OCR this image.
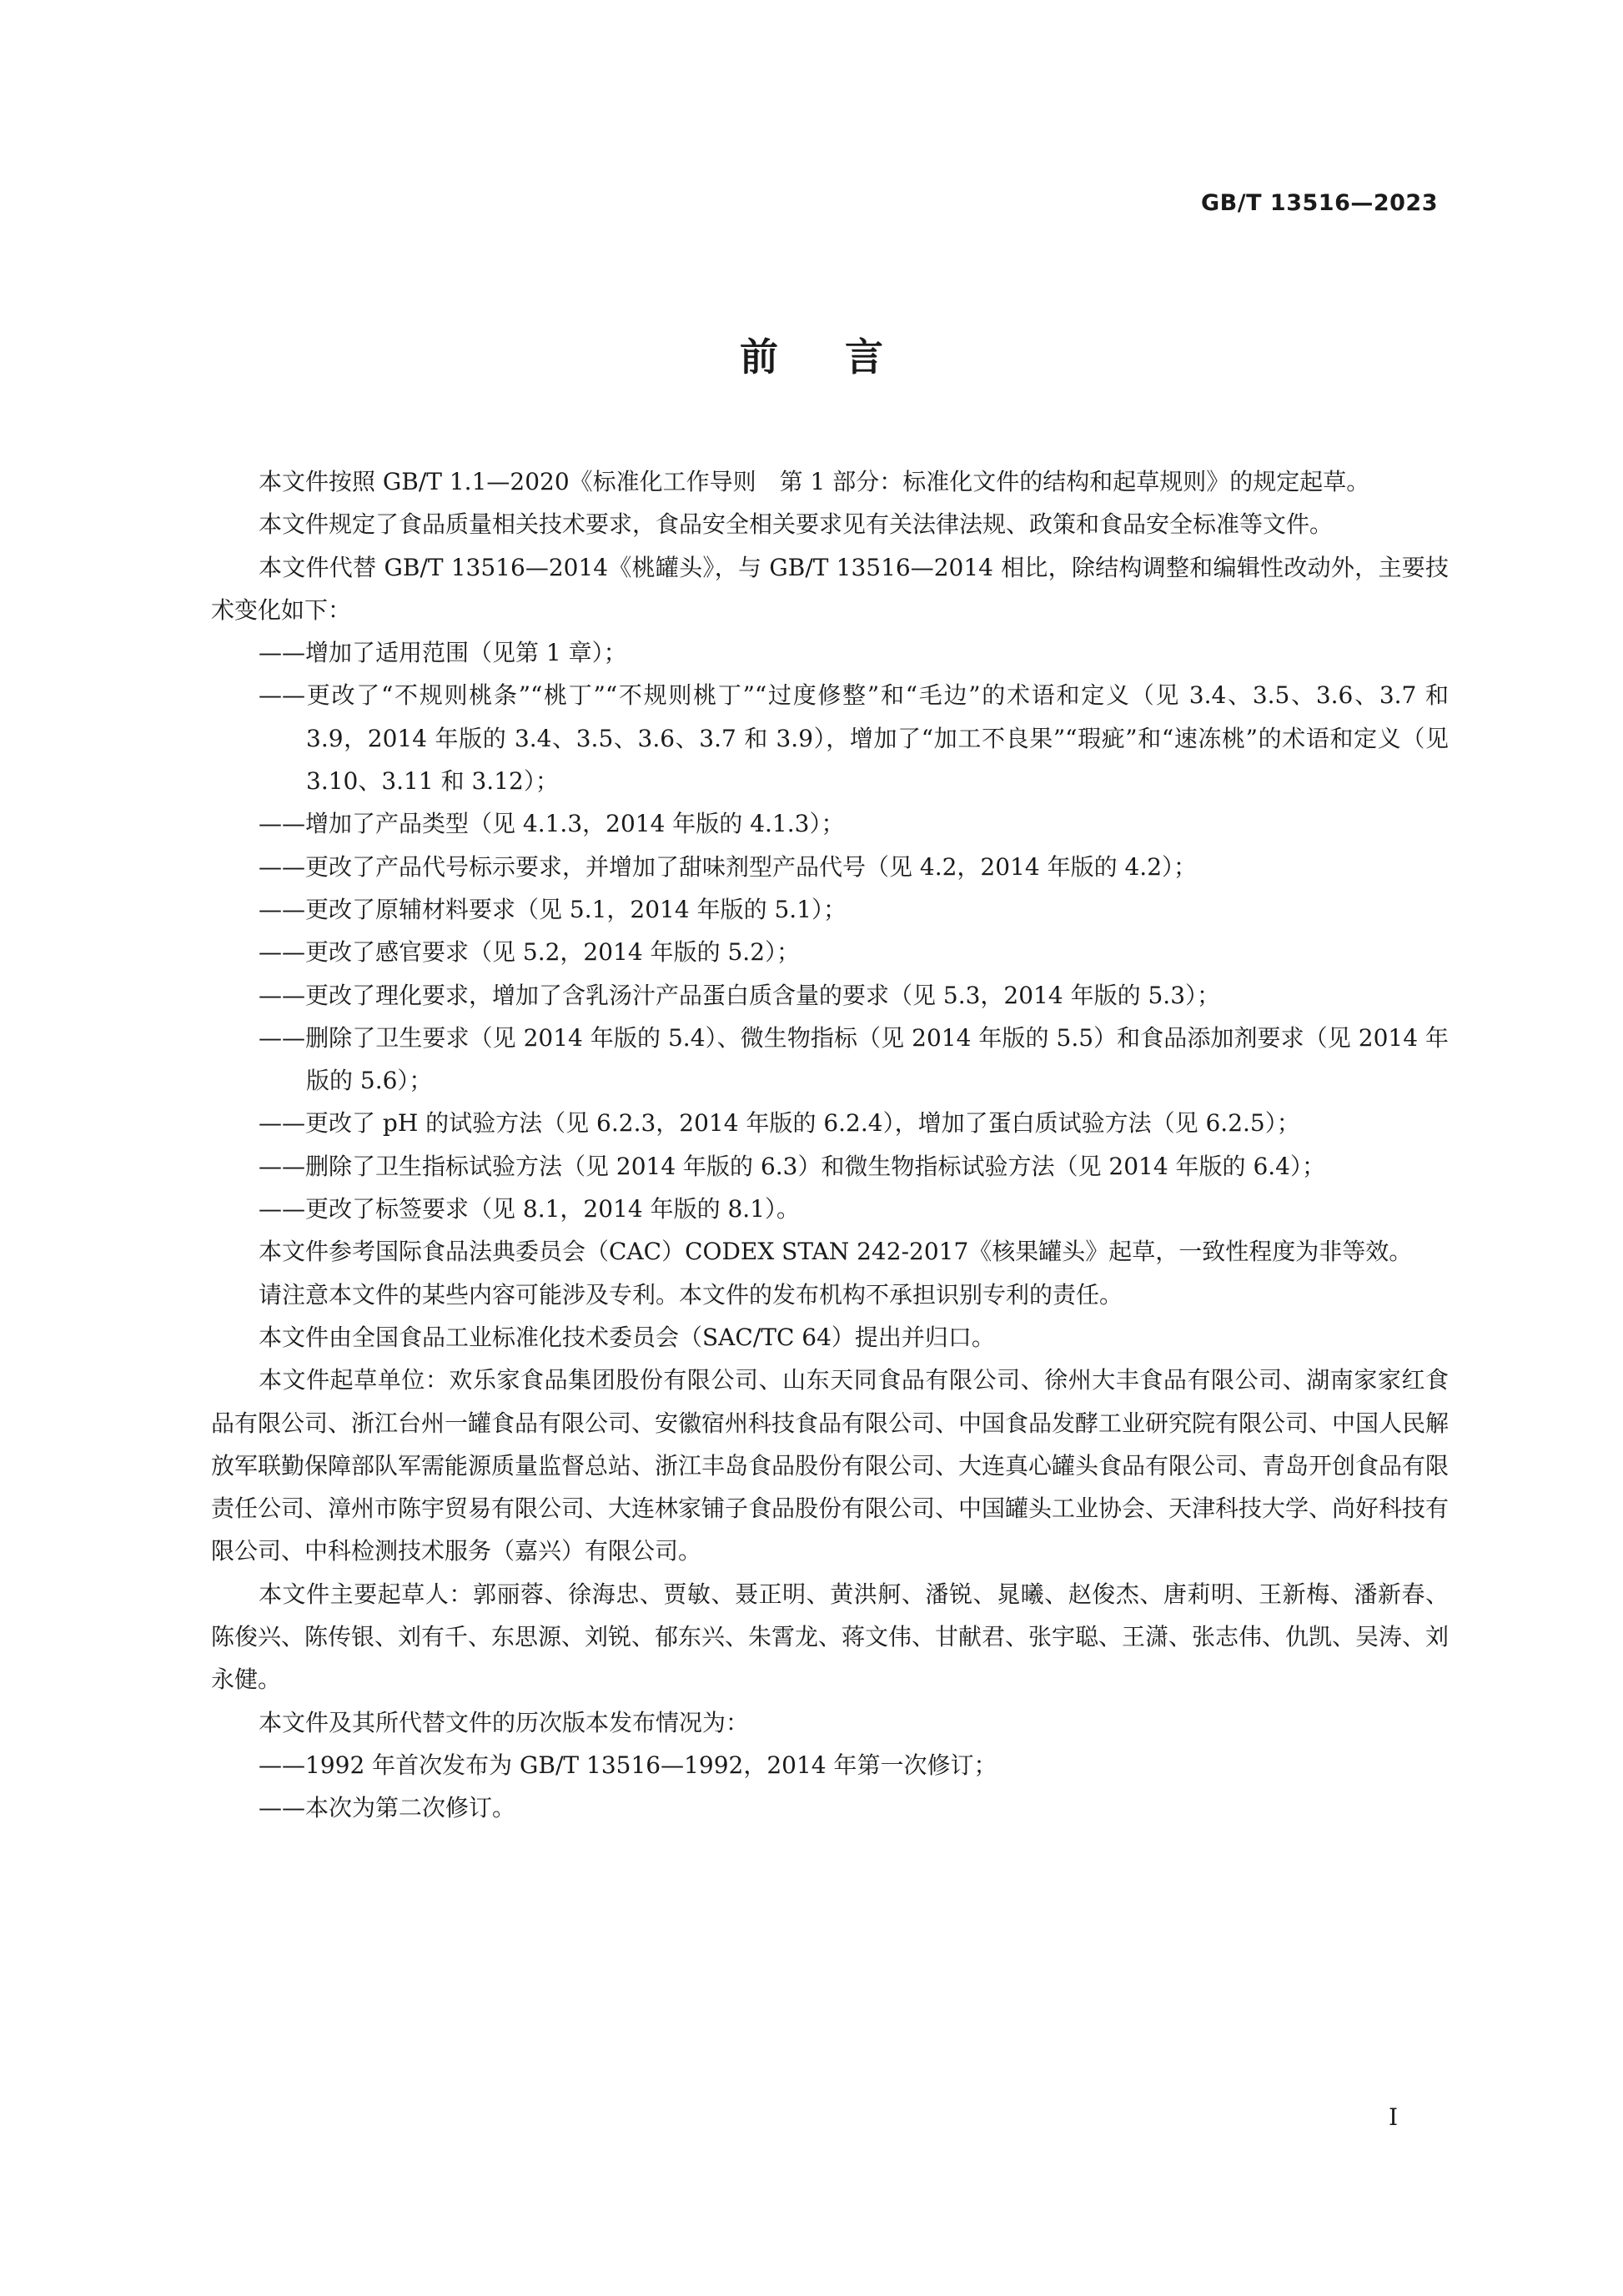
GB/T 13516—2023
前言

本文件按照 GB/T 1.1—2020《标准化工作导则　第 1 部分：标准化文件的结构和起草规则》的规定起草。

本文件规定了食品质量相关技术要求，食品安全相关要求见有关法律法规、政策和食品安全标准等文件。

本文件代替 GB/T 13516—2014《桃罐头》，与 GB/T 13516—2014 相比，除结构调整和编辑性改动外，主要技术变化如下：

——增加了适用范围（见第 1 章）；

——更改了“不规则桃条”“桃丁”“不规则桃丁”“过度修整”和“毛边”的术语和定义（见 3.4、3.5、3.6、3.7 和 3.9，2014 年版的 3.4、3.5、3.6、3.7 和 3.9），增加了“加工不良果”“瑕疵”和“速冻桃”的术语和定义（见 3.10、3.11 和 3.12）；

——增加了产品类型（见 4.1.3，2014 年版的 4.1.3）；

——更改了产品代号标示要求，并增加了甜味剂型产品代号（见 4.2，2014 年版的 4.2）；

——更改了原辅材料要求（见 5.1，2014 年版的 5.1）；

——更改了感官要求（见 5.2，2014 年版的 5.2）；

——更改了理化要求，增加了含乳汤汁产品蛋白质含量的要求（见 5.3，2014 年版的 5.3）；

——删除了卫生要求（见 2014 年版的 5.4）、微生物指标（见 2014 年版的 5.5）和食品添加剂要求（见 2014 年版的 5.6）；

——更改了 pH 的试验方法（见 6.2.3，2014 年版的 6.2.4），增加了蛋白质试验方法（见 6.2.5）；

——删除了卫生指标试验方法（见 2014 年版的 6.3）和微生物指标试验方法（见 2014 年版的 6.4）；

——更改了标签要求（见 8.1，2014 年版的 8.1）。

本文件参考国际食品法典委员会（CAC）CODEX STAN 242-2017《核果罐头》起草，一致性程度为非等效。

请注意本文件的某些内容可能涉及专利。本文件的发布机构不承担识别专利的责任。

本文件由全国食品工业标准化技术委员会（SAC/TC 64）提出并归口。

本文件起草单位：欢乐家食品集团股份有限公司、山东天同食品有限公司、徐州大丰食品有限公司、湖南家家红食品有限公司、浙江台州一罐食品有限公司、安徽宿州科技食品有限公司、中国食品发酵工业研究院有限公司、中国人民解放军联勤保障部队军需能源质量监督总站、浙江丰岛食品股份有限公司、大连真心罐头食品有限公司、青岛开创食品有限责任公司、漳州市陈宇贸易有限公司、大连林家铺子食品股份有限公司、中国罐头工业协会、天津科技大学、尚好科技有限公司、中科检测技术服务（嘉兴）有限公司。

本文件主要起草人：郭丽蓉、徐海忠、贾敏、聂正明、黄洪舸、潘锐、晁曦、赵俊杰、唐莉明、王新梅、潘新春、陈俊兴、陈传银、刘有千、东思源、刘锐、郁东兴、朱霄龙、蒋文伟、甘献君、张宇聪、王潇、张志伟、仇凯、吴涛、刘永健。

本文件及其所代替文件的历次版本发布情况为：

——1992 年首次发布为 GB/T 13516—1992，2014 年第一次修订；

——本次为第二次修订。

I
